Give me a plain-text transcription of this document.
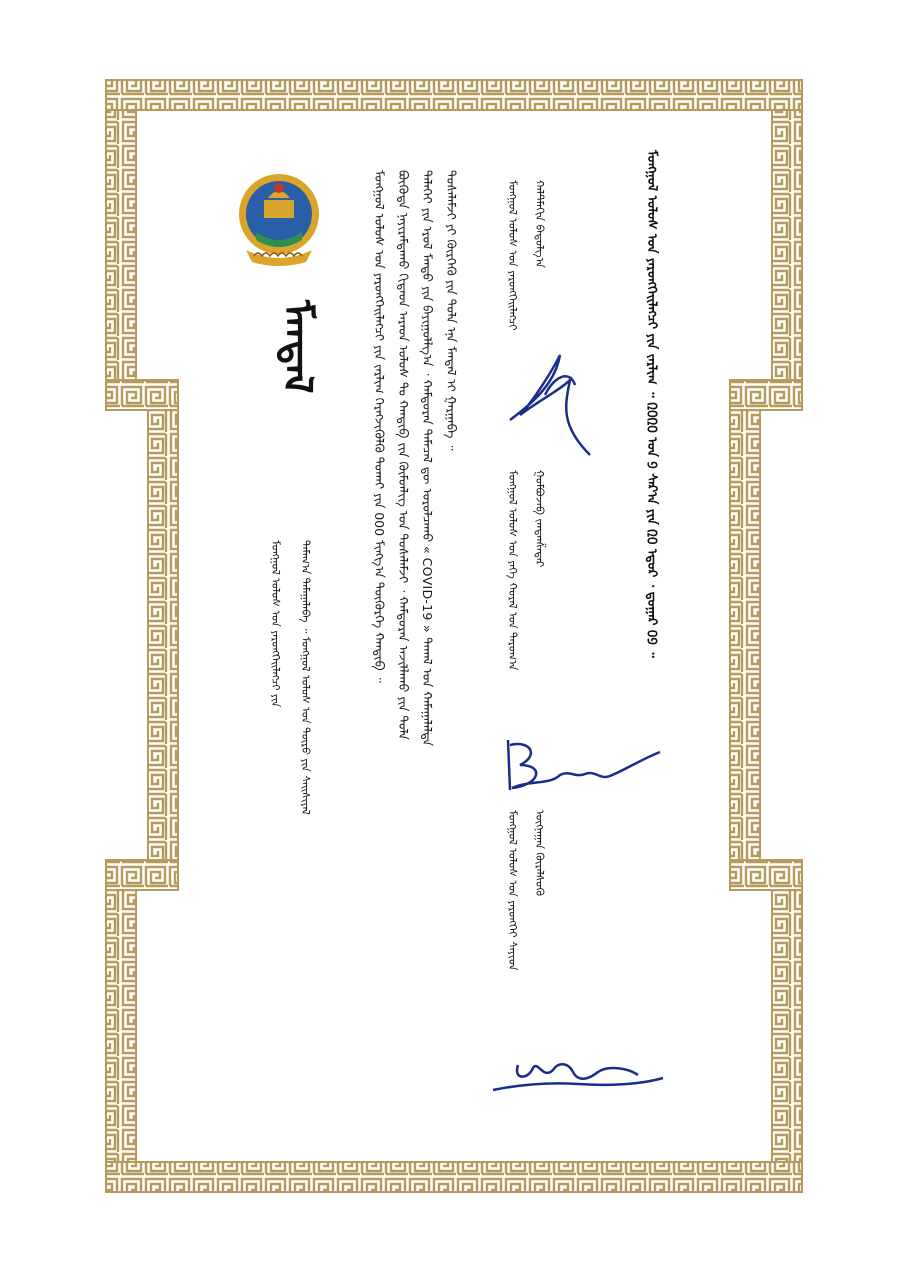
ᠮᠠᠨᠳᠠᠯ
ᠮᠣᠩᠭᠣᠯ ᠤᠯᠤᠰ ᠤᠨ ᠶᠡᠷᠦᠩᠬᠡᠢᠯᠡᠭᠴᠢ ᠶᠢᠨ ᠲᠠᠮᠠᠭ᠎ᠠ ᠲᠠᠮᠠᠭᠠᠯᠠᠪᠠ ᠃ ᠮᠣᠩᠭᠣᠯ ᠤᠯᠤᠰ ᠤᠨ ᠲᠦᠷᠦ ᠶᠢᠨ ᠰᠠᠢᠰᠢᠶᠠᠯ	ᠮᠣᠩᠭᠣᠯ ᠤᠯᠤᠰ ᠤᠨ ᠶᠡᠷᠦᠩᠬᠡᠢᠯᠡᠭᠴᠢ ᠶᠢᠨ ᠵᠠᠷᠯᠢᠭ ᠬᠡᠷᠡᠭᠵᠢᠭᠦᠯᠬᠦ ᠲᠤᠬᠠᠢ ᠶᠢᠨ 000 ᠮᠢᠩᠭ᠎ᠠ ᠳᠦᠭᠦᠷᠭᠡ ᠬᠠᠨᠳᠢᠪ ᠃ ᠪᠦᠭᠦᠳᠡ ᠨᠠᠶᠢᠷᠠᠮᠳᠠᠬᠤ ᠬᠢᠲᠠᠳ ᠠᠷᠠᠳ ᠤᠯᠤᠰ ᠲᠤ ᠬᠠᠨᠳᠢᠪ ᠵᠢᠨ ᠬᠦᠮᠦᠨᠯᠢᠭ ᠤᠨ ᠲᠤᠰᠠᠯᠠᠮᠵᠢ ᠂ ᠬᠠᠮᠲᠤᠷᠠᠨ ᠠᠵᠢᠯᠯᠠᠬᠤ ᠶᠢᠨ ᠲᠤᠯᠠ ᠳᠡᠯᠡᠬᠡᠢ ᠶᠢᠨ ᠡᠷᠦᠯ ᠮᠡᠨᠳᠦ ᠶᠢᠨ ᠪᠠᠶᠢᠭᠤᠯᠯᠭ᠎ᠠ ᠂ ᠬᠠᠮᠲᠤᠷᠠᠨ ᠲᠡᠮᠡᠴᠡᠯ ᠳᠦ ᠣᠷᠣᠯᠴᠠᠬᠤ « COVID-19 » ᠲᠠᠬᠠᠯ ᠤᠨ ᠬᠠᠮᠠᠭᠠᠯᠠᠯᠲᠠ ᠲᠤᠰᠠᠯᠠᠮᠵᠢ ᠶᠢ ᠬᠦᠷᠭᠡᠬᠦ ᠶᠢᠨ ᠲᠤᠯᠠ ᠡᠨᠡ ᠮᠠᠨᠳᠠᠯ ᠢ ᠭᠠᠷᠭᠠᠪᠠ ᠃	ᠮᠣᠩᠭᠣᠯ ᠤᠯᠤᠰ ᠤᠨ ᠶᠡᠷᠦᠩᠬᠡᠢᠯᠡᠭᠴᠢ ᠬᠠᠯᠲᠮᠠᠭᠢᠨ ᠪᠠᠲᠤᠯᠭ᠎ᠠ
ᠮᠣᠩᠭᠣᠯ ᠤᠯᠤᠰ ᠤᠨ ᠶᠡᠬᠡ ᠬᠤᠷᠠᠯ ᠤᠨ ᠳᠠᠷᠤᠭ᠎ᠠ ᠭᠣᠮᠪᠣᠵᠠᠪ ᠵᠠᠨᠳᠠᠨᠱᠠᠲᠠᠷ
ᠮᠣᠩᠭᠣᠯ ᠤᠯᠤᠰ ᠤᠨ ᠶᠡᠷᠦᠩᠬᠡᠢ ᠰᠠᠶᠢᠳ ᠦᠬᠨᠠᠭᠠᠨ ᠬᠦᠷᠡᠯᠰᠦᠬᠦ
ᠮᠣᠩᠭᠣᠯ ᠤᠯᠤᠰ ᠤᠨ ᠶᠡᠷᠦᠩᠬᠡᠢᠯᠡᠭᠴᠢ ᠶᠢᠨ ᠵᠠᠷᠯᠢᠭ ᠃ ᠒᠐᠒᠐ ᠣᠨ ᠑ ᠰᠠᠷ᠎ᠠ ᠶᠢᠨ ᠒᠐ ᠡᠳᠦᠷ ᠂ ᠳ᠋ᠤᠭᠠᠷ ᠐᠑ ᠃
